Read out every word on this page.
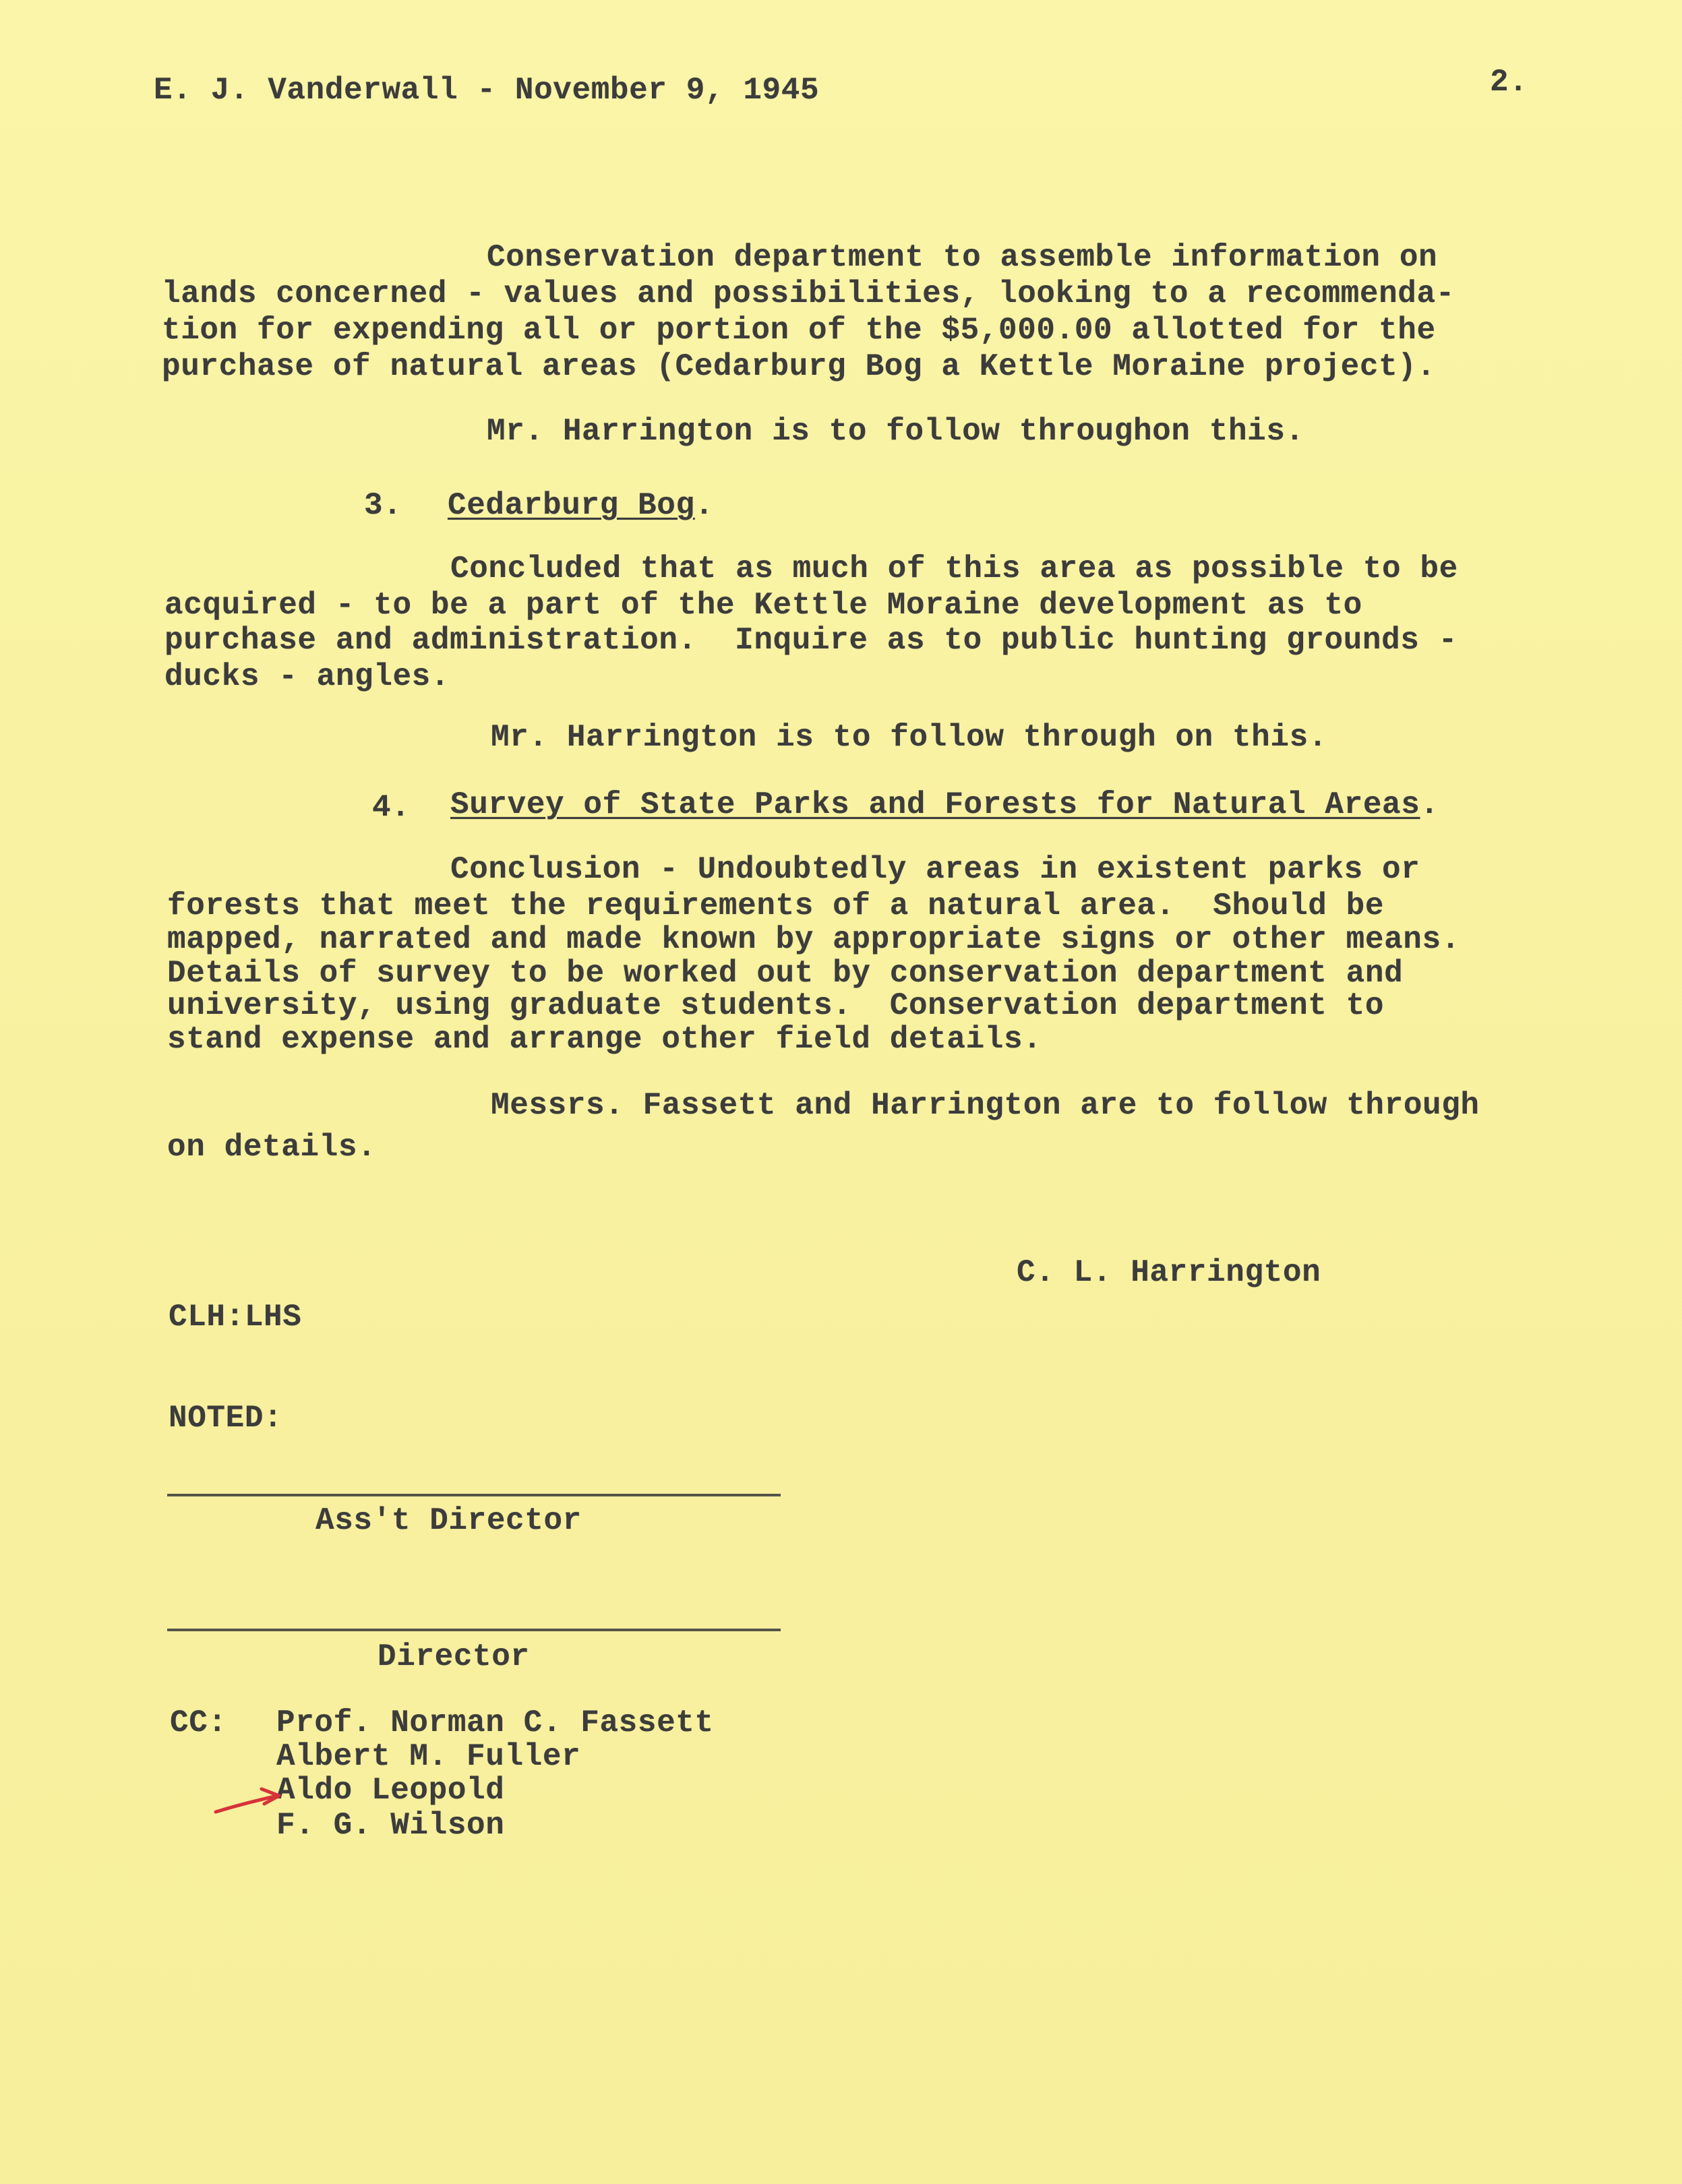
E. J. Vanderwall - November 9, 1945	2.
Conservation department to assemble information on
lands concerned - values and possibilities, looking to a recommenda-
tion for expending all or portion of the $5,000.00 allotted for the
purchase of natural areas (Cedarburg Bog a Kettle Moraine project).
Mr. Harrington is to follow throughon this.
3. Cedarburg Bog.
Concluded that as much of this area as possible to be
acquired - to be a part of the Kettle Moraine development as to
purchase and administration.  Inquire as to public hunting grounds -
ducks - angles.
Mr. Harrington is to follow through on this.
4. Survey of State Parks and Forests for Natural Areas.
Conclusion - Undoubtedly areas in existent parks or
forests that meet the requirements of a natural area.  Should be
mapped, narrated and made known by appropriate signs or other means.
Details of survey to be worked out by conservation department and
university, using graduate students.  Conservation department to
stand expense and arrange other field details.
Messrs. Fassett and Harrington are to follow through
on details.
C. L. Harrington
CLH:LHS
NOTED:
Ass't Director
Director
CC: Prof. Norman C. Fassett
Albert M. Fuller
Aldo Leopold
F. G. Wilson
